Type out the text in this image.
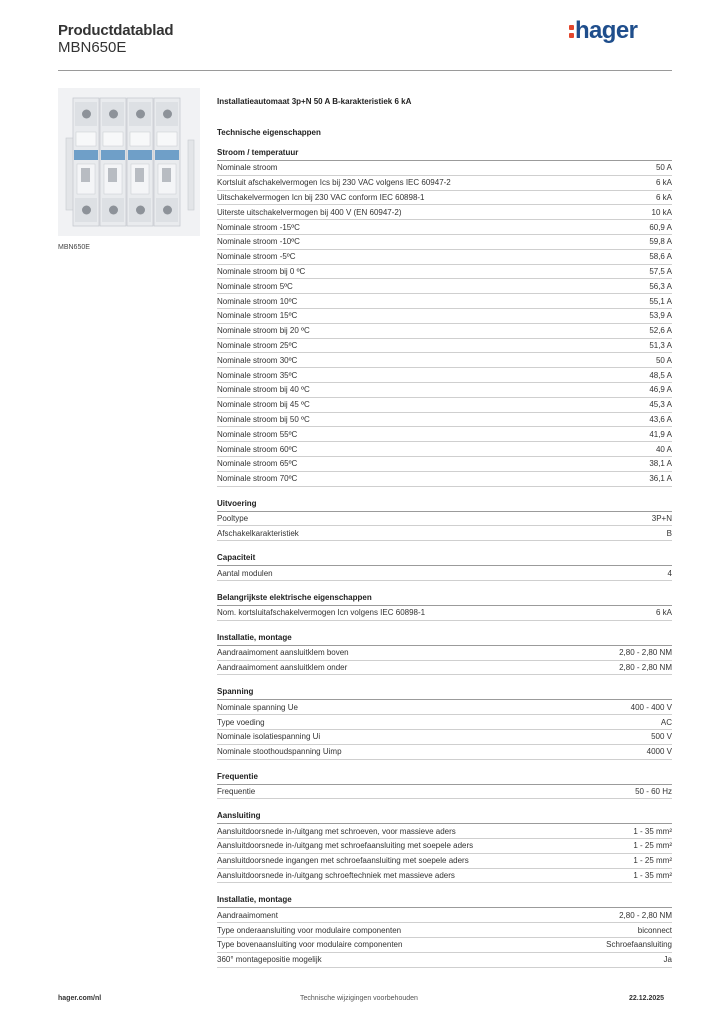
Productdatablad
MBN650E
hager
MBN650E
Installatieautomaat 3p+N 50 A B-karakteristiek 6 kA
Technische eigenschappen
Stroom / temperatuur
Nominale stroom	50 A
Kortsluit afschakelvermogen Ics bij 230 VAC volgens IEC 60947-2	6 kA
Uitschakelvermogen Icn bij 230 VAC conform IEC 60898-1	6 kA
Uiterste uitschakelvermogen bij 400 V (EN 60947-2)	10 kA
Nominale stroom -15ºC	60,9 A
Nominale stroom -10ºC	59,8 A
Nominale stroom -5ºC	58,6 A
Nominale stroom bij 0 ºC	57,5 A
Nominale stroom 5ºC	56,3 A
Nominale stroom 10ºC	55,1 A
Nominale stroom 15ºC	53,9 A
Nominale stroom bij 20 ºC	52,6 A
Nominale stroom 25ºC	51,3 A
Nominale stroom 30ºC	50 A
Nominale stroom 35ºC	48,5 A
Nominale stroom bij 40 ºC	46,9 A
Nominale stroom bij 45 ºC	45,3 A
Nominale stroom bij 50 ºC	43,6 A
Nominale stroom 55ºC	41,9 A
Nominale stroom 60ºC	40 A
Nominale stroom 65ºC	38,1 A
Nominale stroom 70ºC	36,1 A
Uitvoering
Pooltype	3P+N
Afschakelkarakteristiek	B
Capaciteit
Aantal modulen	4
Belangrijkste elektrische eigenschappen
Nom. kortsluitafschakelvermogen Icn volgens IEC 60898-1	6 kA
Installatie, montage
Aandraaimoment aansluitklem boven	2,80 - 2,80 NM
Aandraaimoment aansluitklem onder	2,80 - 2,80 NM
Spanning
Nominale spanning Ue	400 - 400 V
Type voeding	AC
Nominale isolatiespanning Ui	500 V
Nominale stoothoudspanning Uimp	4000 V
Frequentie
Frequentie	50 - 60 Hz
Aansluiting
Aansluitdoorsnede in-/uitgang met schroeven, voor massieve aders	1 - 35 mm²
Aansluitdoorsnede in-/uitgang met schroefaansluiting met soepele aders	1 - 25 mm²
Aansluitdoorsnede ingangen met schroefaansluiting met soepele aders	1 - 25 mm²
Aansluitdoorsnede in-/uitgang schroeftechniek met massieve aders	1 - 35 mm²
Installatie, montage
Aandraaimoment	2,80 - 2,80 NM
Type onderaansluiting voor modulaire componenten	biconnect
Type bovenaansluiting voor modulaire componenten	Schroefaansluiting
360° montagepositie mogelijk	Ja
hager.com/nl	Technische wijzigingen voorbehouden	22.12.2025
